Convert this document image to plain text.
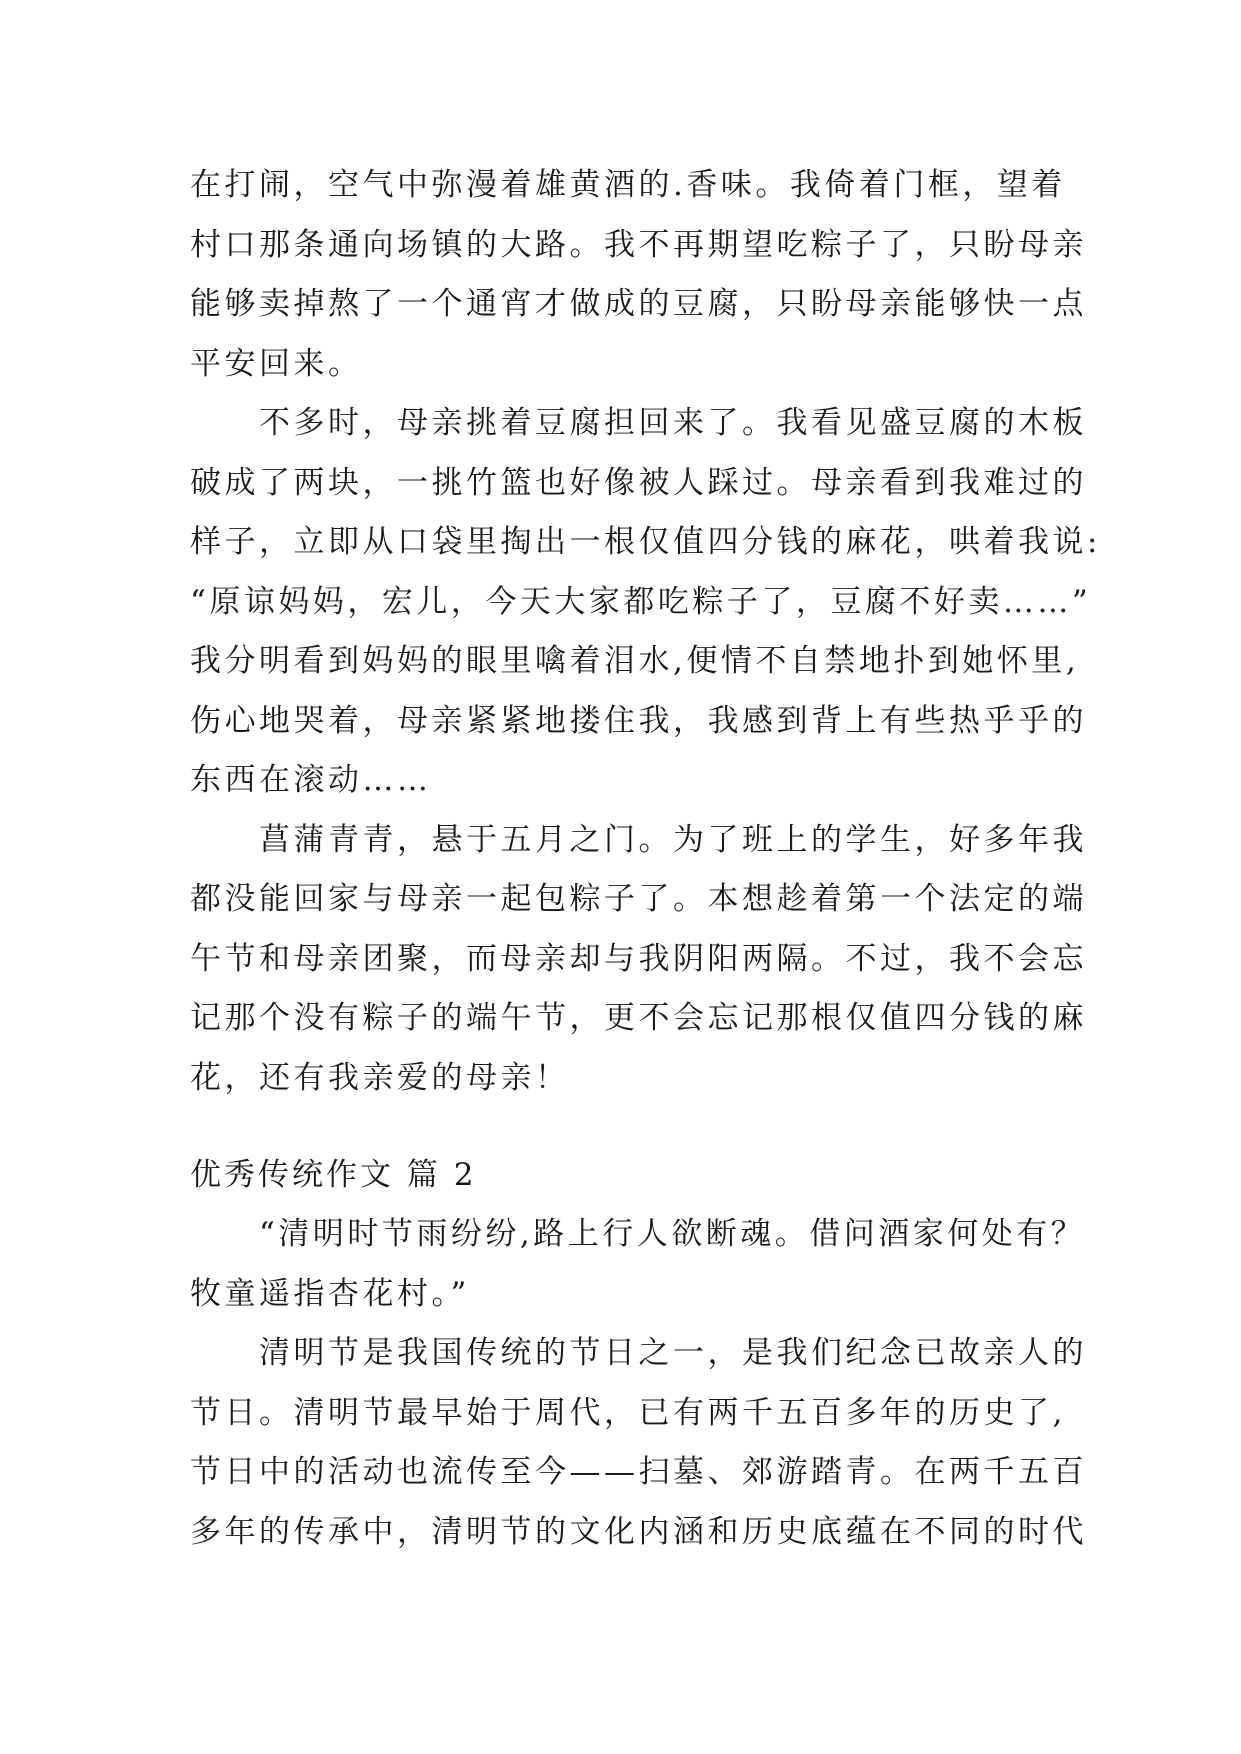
在打闹，空气中弥漫着雄黄酒的.香味。我倚着门框，望着
村口那条通向场镇的大路。我不再期望吃粽子了，只盼母亲
能够卖掉熬了一个通宵才做成的豆腐，只盼母亲能够快一点
平安回来。
　　不多时，母亲挑着豆腐担回来了。我看见盛豆腐的木板
破成了两块，一挑竹篮也好像被人踩过。母亲看到我难过的
样子，立即从口袋里掏出一根仅值四分钱的麻花，哄着我说:
“原谅妈妈，宏儿，今天大家都吃粽子了，豆腐不好卖……”
我分明看到妈妈的眼里噙着泪水,便情不自禁地扑到她怀里,
伤心地哭着，母亲紧紧地搂住我，我感到背上有些热乎乎的
东西在滚动……
　　菖蒲青青，悬于五月之门。为了班上的学生，好多年我
都没能回家与母亲一起包粽子了。本想趁着第一个法定的端
午节和母亲团聚，而母亲却与我阴阳两隔。不过，我不会忘
记那个没有粽子的端午节，更不会忘记那根仅值四分钱的麻
花，还有我亲爱的母亲！
优秀传统作文 篇 2
　　“清明时节雨纷纷,路上行人欲断魂。借问酒家何处有？
牧童遥指杏花村。”
　　清明节是我国传统的节日之一，是我们纪念已故亲人的
节日。清明节最早始于周代，已有两千五百多年的历史了,
节日中的活动也流传至今——扫墓、郊游踏青。在两千五百
多年的传承中，清明节的文化内涵和历史底蕴在不同的时代
